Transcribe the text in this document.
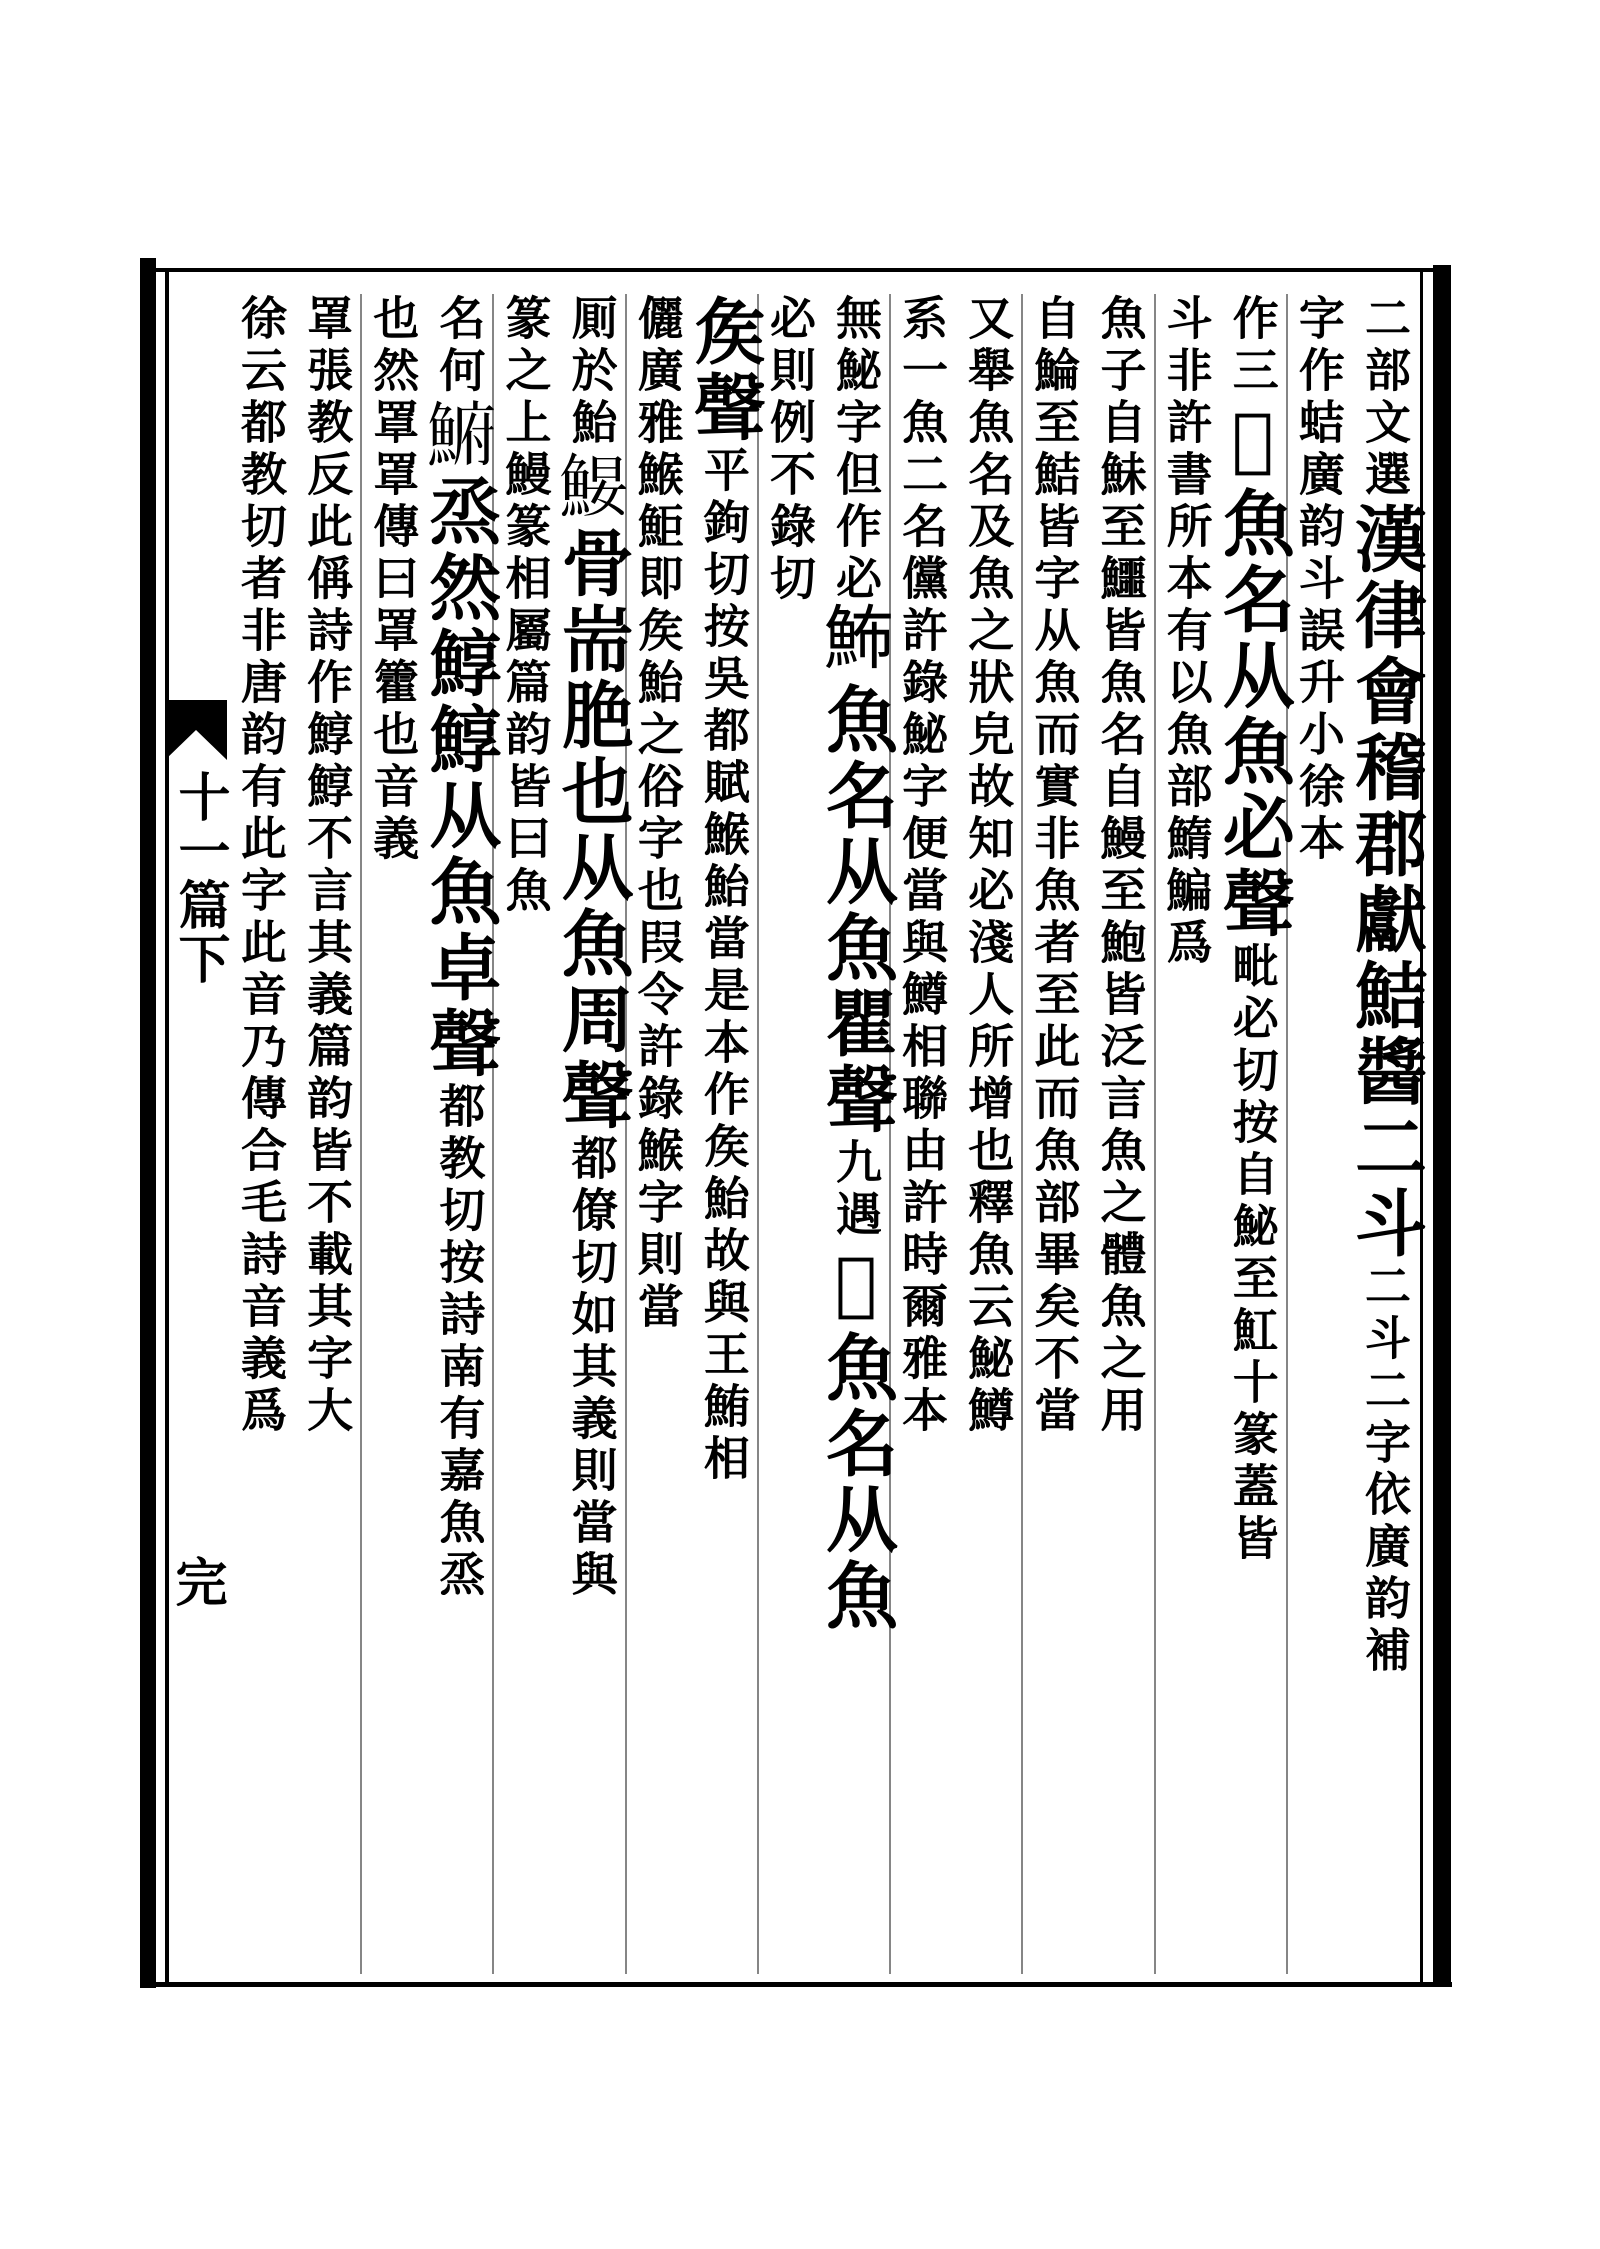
十一篇下
完
二部文選漢律會稽郡獻鮚醬二斗二斗二字依廣韵補
字作蛣廣韵斗誤升小徐本
作三𩵉魚名从魚必聲毗必切按自鮅至魟十篆蓋皆
斗非許書所本有以魚部鰖鯿爲
魚子自鮇至鱷皆魚名自鰻至鮑皆泛言魚之體魚之用
自鯩至鮚皆字从魚而實非魚者至此而魚部畢矣不當
又舉魚名及魚之狀皃故知必淺人所增也釋魚云鮅鱒
系一魚二名儻許錄鮅字便當與鱒相聯由許時爾雅本
無鮅字但作必𩶉魚名从魚瞿聲九遇𩶍魚名从魚
必則例不錄切
矦聲平鉤切按吳都賦鯸鮐當是本作矦鮐故與王鮪相
儷廣雅鯸鮔即矦鮐之俗字也叚令許錄鯸字則當
厠於鮐𩷑骨耑脃也从魚周聲都僚切如其義則當與
篆之上鰻篆相屬篇韵皆曰魚
名何𩸅烝然鯙鯙从魚卓聲都教切按詩南有嘉魚烝
也然罩罩傳曰罩籗也音義
罩張教反此偁詩作鯙鯙不言其義篇韵皆不載其字大
徐云都教切者非唐韵有此字此音乃傳合毛詩音義爲
